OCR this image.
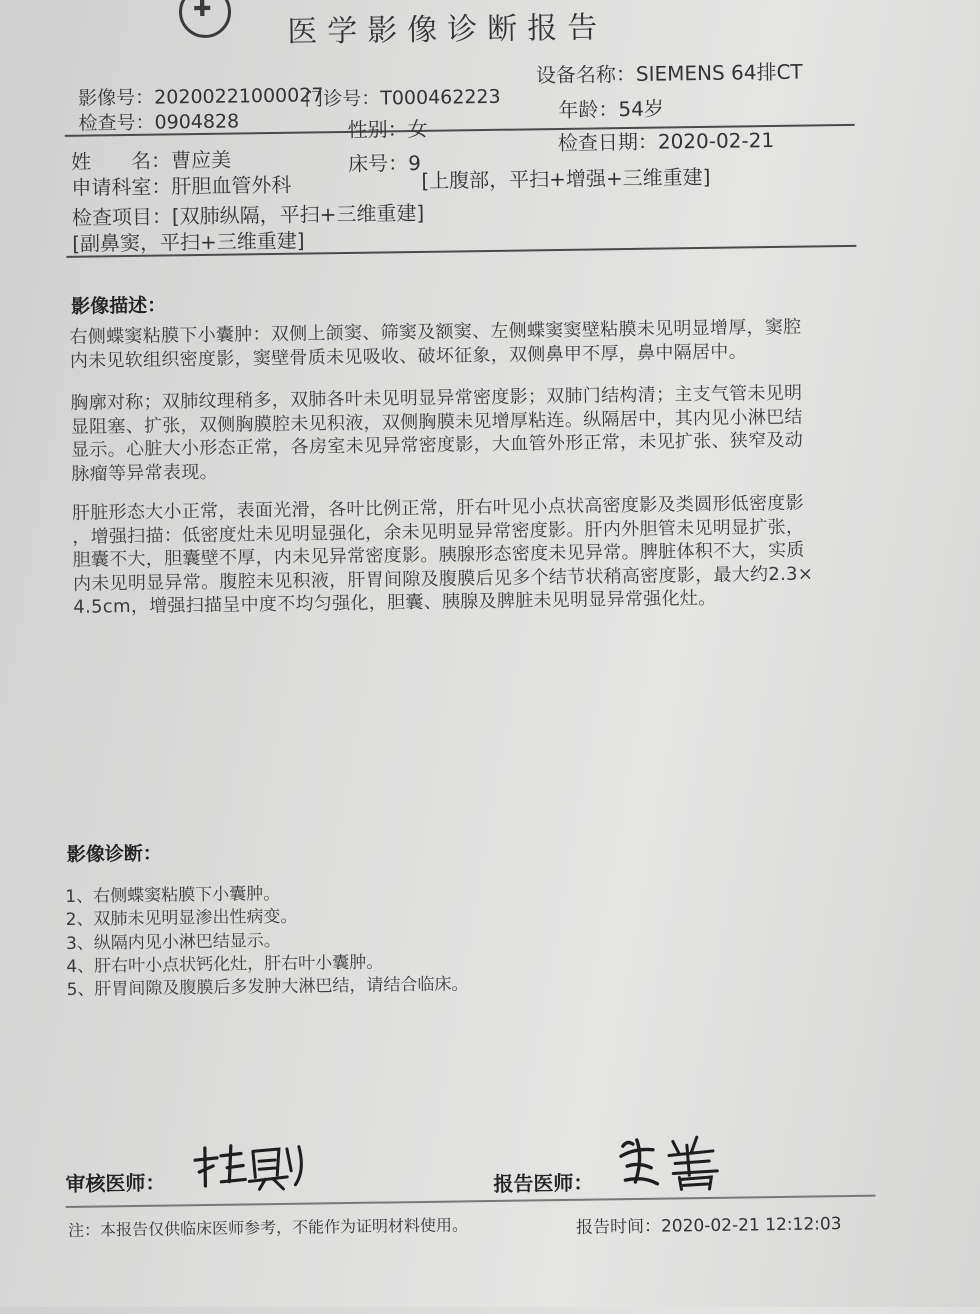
✚
医学影像诊断报告
影像号：20200221000027
门诊号：T000462223
设备名称：SIEMENS 64排CT
检查号：0904828
年龄：54岁
姓　　名：曹应美
性别：女
检查日期：2020-02-21
申请科室：肝胆血管外科
床号：9
检查项目：[双肺纵隔，平扫+三维重建]
[上腹部，平扫+增强+三维重建]
[副鼻窦，平扫+三维重建]
影像描述：
右侧蝶窦粘膜下小囊肿：双侧上颌窦、筛窦及额窦、左侧蝶窦窦壁粘膜未见明显增厚，窦腔
内未见软组织密度影，窦壁骨质未见吸收、破坏征象，双侧鼻甲不厚，鼻中隔居中。
胸廓对称；双肺纹理稍多，双肺各叶未见明显异常密度影；双肺门结构清；主支气管未见明
显阻塞、扩张，双侧胸膜腔未见积液，双侧胸膜未见增厚粘连。纵隔居中，其内见小淋巴结
显示。心脏大小形态正常，各房室未见异常密度影，大血管外形正常，未见扩张、狭窄及动
脉瘤等异常表现。
肝脏形态大小正常，表面光滑，各叶比例正常，肝右叶见小点状高密度影及类圆形低密度影
，增强扫描：低密度灶未见明显强化，余未见明显异常密度影。肝内外胆管未见明显扩张，
胆囊不大，胆囊壁不厚，内未见异常密度影。胰腺形态密度未见异常。脾脏体积不大，实质
内未见明显异常。腹腔未见积液，肝胃间隙及腹膜后见多个结节状稍高密度影，最大约2.3×
4.5cm，增强扫描呈中度不均匀强化，胆囊、胰腺及脾脏未见明显异常强化灶。
影像诊断：
1、右侧蝶窦粘膜下小囊肿。
2、双肺未见明显渗出性病变。
3、纵隔内见小淋巴结显示。
4、肝右叶小点状钙化灶，肝右叶小囊肿。
5、肝胃间隙及腹膜后多发肿大淋巴结，请结合临床。
审核医师：	报告医师：
注：本报告仅供临床医师参考，不能作为证明材料使用。	报告时间：2020-02-21 12:12:03
